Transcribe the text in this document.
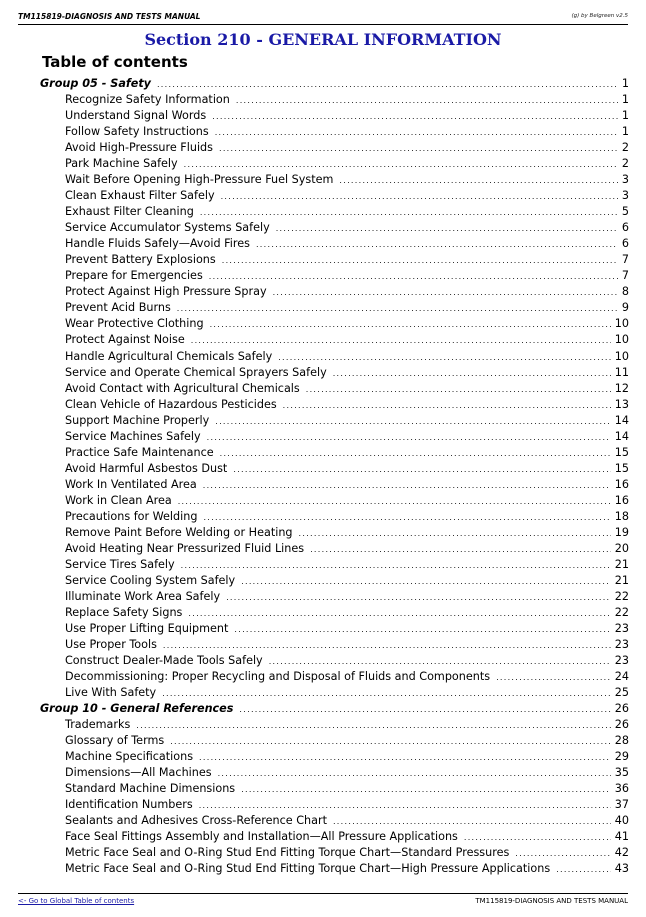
TM115819-DIAGNOSIS AND TESTS MANUAL	(g) by Belgreen v2.5
Section 210 - GENERAL INFORMATION
Table of contents
Group 05 - Safety .....	1
Recognize Safety Information .....	1
Understand Signal Words .....	1
Follow Safety Instructions .....	1
Avoid High-Pressure Fluids .....	2
Park Machine Safely .....	2
Wait Before Opening High-Pressure Fuel System .....	3
Clean Exhaust Filter Safely .....	3
Exhaust Filter Cleaning .....	5
Service Accumulator Systems Safely .....	6
Handle Fluids Safely—Avoid Fires .....	6
Prevent Battery Explosions .....	7
Prepare for Emergencies .....	7
Protect Against High Pressure Spray .....	8
Prevent Acid Burns .....	9
Wear Protective Clothing .....	10
Protect Against Noise .....	10
Handle Agricultural Chemicals Safely .....	10
Service and Operate Chemical Sprayers Safely .....	11
Avoid Contact with Agricultural Chemicals .....	12
Clean Vehicle of Hazardous Pesticides .....	13
Support Machine Properly .....	14
Service Machines Safely .....	14
Practice Safe Maintenance .....	15
Avoid Harmful Asbestos Dust .....	15
Work In Ventilated Area .....	16
Work in Clean Area .....	16
Precautions for Welding .....	18
Remove Paint Before Welding or Heating .....	19
Avoid Heating Near Pressurized Fluid Lines .....	20
Service Tires Safely .....	21
Service Cooling System Safely .....	21
Illuminate Work Area Safely .....	22
Replace Safety Signs .....	22
Use Proper Lifting Equipment .....	23
Use Proper Tools .....	23
Construct Dealer-Made Tools Safely .....	23
Decommissioning: Proper Recycling and Disposal of Fluids and Components .....	24
Live With Safety .....	25
Group 10 - General References .....	26
Trademarks .....	26
Glossary of Terms .....	28
Machine Specifications .....	29
Dimensions—All Machines .....	35
Standard Machine Dimensions .....	36
Identification Numbers .....	37
Sealants and Adhesives Cross-Reference Chart .....	40
Face Seal Fittings Assembly and Installation—All Pressure Applications .....	41
Metric Face Seal and O-Ring Stud End Fitting Torque Chart—Standard Pressures .....	42
Metric Face Seal and O-Ring Stud End Fitting Torque Chart—High Pressure Applications .....	43
<- Go to Global Table of contents	TM115819-DIAGNOSIS AND TESTS MANUAL
